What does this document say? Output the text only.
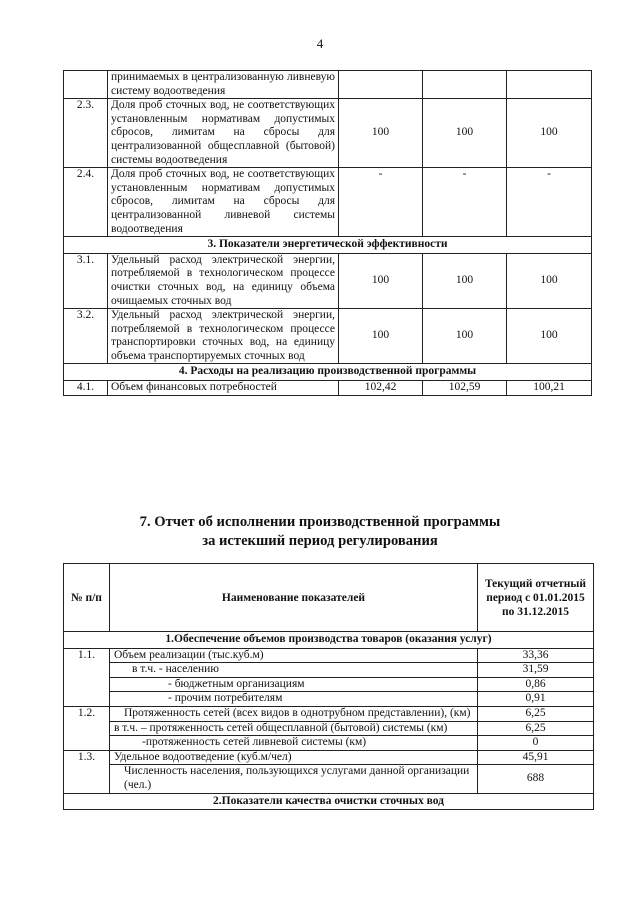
4
	принимаемых в централизованную ливневую систему водоотведения			
2.3.	Доля проб сточных вод, не соответствующих установленным нормативам допустимых сбросов, лимитам на сбросы для централизованной общесплавной (бытовой) системы водоотведения	100	100	100
2.4.	Доля проб сточных вод, не соответствующих установленным нормативам допустимых сбросов, лимитам на сбросы для централизованной ливневой системы водоотведения	-	-	-
3. Показатели энергетической эффективности				
3.1.	Удельный расход электрической энергии, потребляемой в технологическом процессе очистки сточных вод, на единицу объема очищаемых сточных вод	100	100	100
3.2.	Удельный расход электрической энергии, потребляемой в технологическом процессе транспортировки сточных вод, на единицу объема транспортируемых сточных вод	100	100	100
4. Расходы на реализацию производственной программы				
4.1.	Объем финансовых потребностей	102,42	102,59	100,21
7. Отчет об исполнении производственной программы
за истекший период регулирования
№ п/п	Наименование показателей	Текущий отчетный период с 01.01.2015 по 31.12.2015
1.Обеспечение объемов производства товаров (оказания услуг)		
1.1.	Объем реализации (тыс.куб.м)	33,36
	в т.ч. - населению	31,59
	- бюджетным организациям	0,86
	- прочим потребителям	0,91
1.2.	Протяженность сетей (всех видов в однотрубном представлении), (км)	6,25
	в т.ч. – протяженность сетей общесплавной (бытовой) системы (км)	6,25
	-протяженность сетей ливневой системы (км)	0
1.3.	Удельное водоотведение (куб.м/чел)	45,91
	Численность населения, пользующихся услугами данной организации (чел.)	688
2.Показатели качества очистки сточных вод		
